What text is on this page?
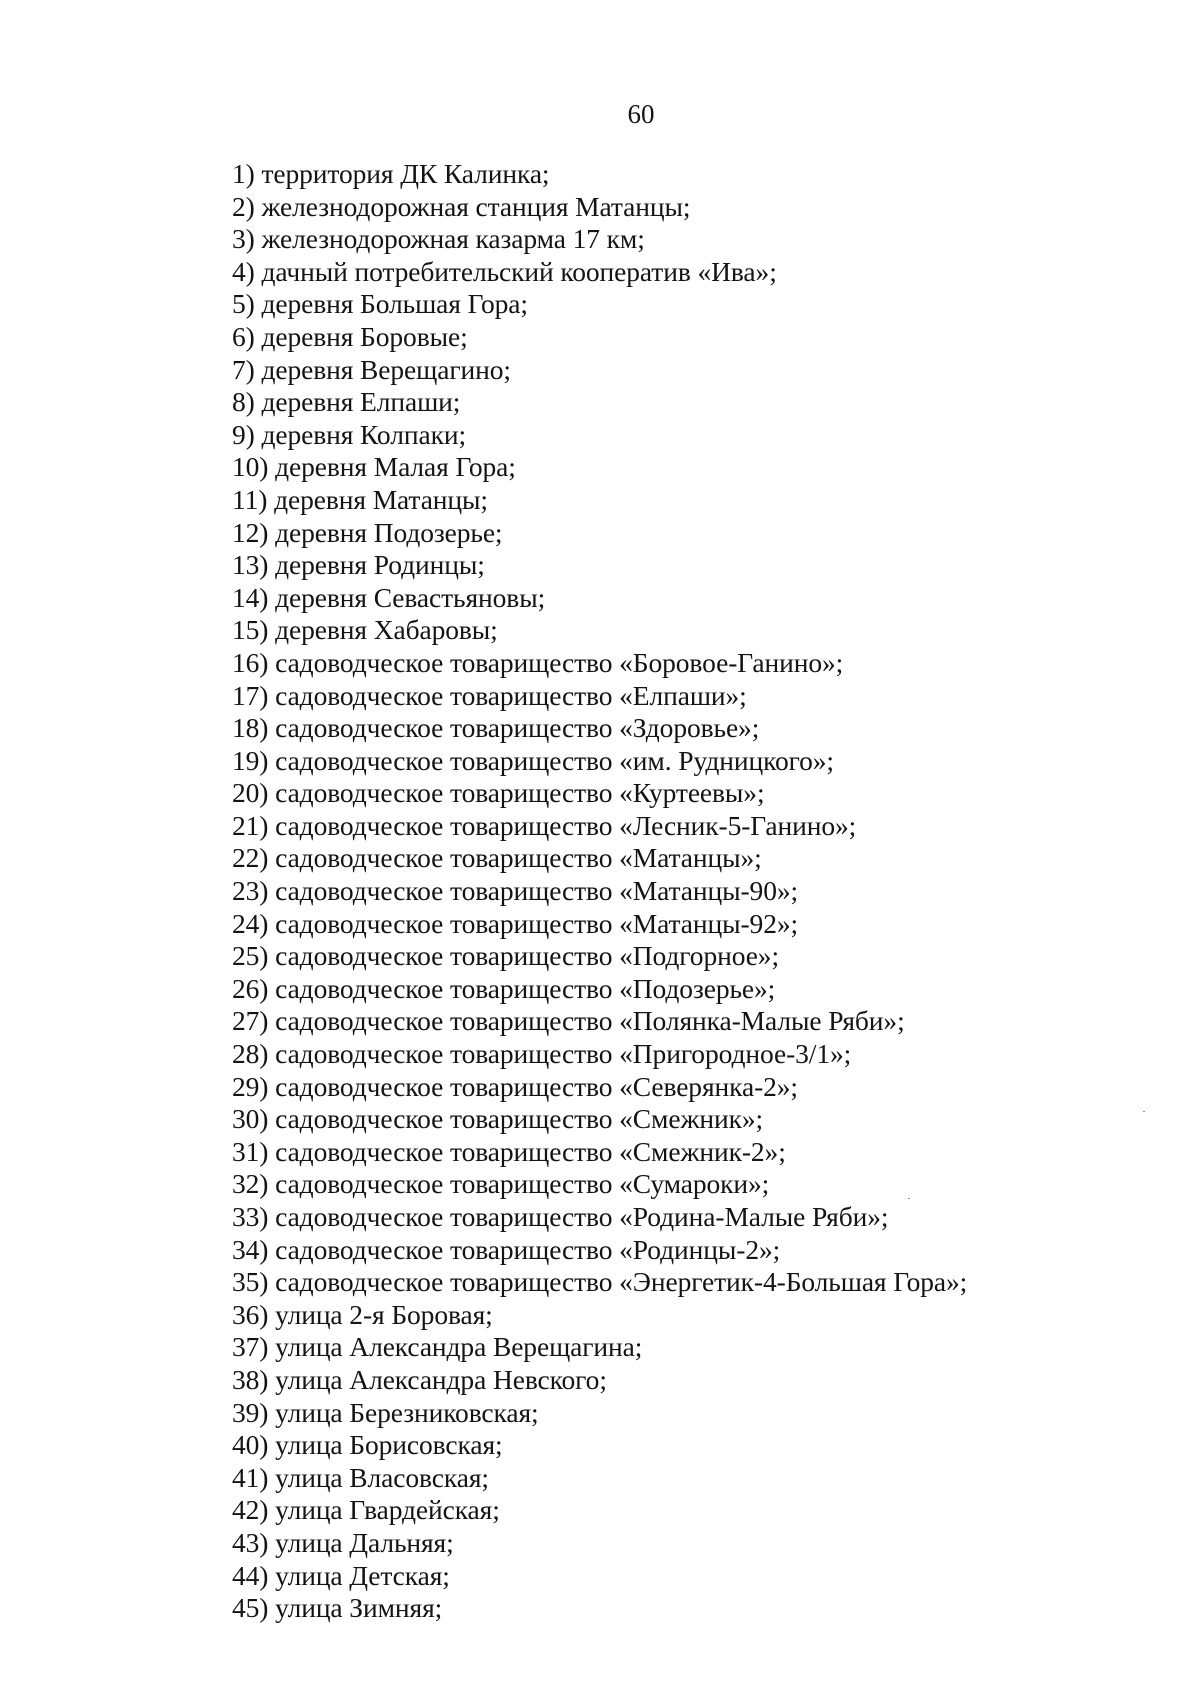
60
1) территория ДК Калинка;
2) железнодорожная станция Матанцы;
3) железнодорожная казарма 17 км;
4) дачный потребительский кооператив «Ива»;
5) деревня Большая Гора;
6) деревня Боровые;
7) деревня Верещагино;
8) деревня Елпаши;
9) деревня Колпаки;
10) деревня Малая Гора;
11) деревня Матанцы;
12) деревня Подозерье;
13) деревня Родинцы;
14) деревня Севастьяновы;
15) деревня Хабаровы;
16) садоводческое товарищество «Боровое-Ганино»;
17) садоводческое товарищество «Елпаши»;
18) садоводческое товарищество «Здоровье»;
19) садоводческое товарищество «им. Рудницкого»;
20) садоводческое товарищество «Куртеевы»;
21) садоводческое товарищество «Лесник-5-Ганино»;
22) садоводческое товарищество «Матанцы»;
23) садоводческое товарищество «Матанцы-90»;
24) садоводческое товарищество «Матанцы-92»;
25) садоводческое товарищество «Подгорное»;
26) садоводческое товарищество «Подозерье»;
27) садоводческое товарищество «Полянка-Малые Ряби»;
28) садоводческое товарищество «Пригородное-3/1»;
29) садоводческое товарищество «Северянка-2»;
30) садоводческое товарищество «Смежник»;
31) садоводческое товарищество «Смежник-2»;
32) садоводческое товарищество «Сумароки»;
33) садоводческое товарищество «Родина-Малые Ряби»;
34) садоводческое товарищество «Родинцы-2»;
35) садоводческое товарищество «Энергетик-4-Большая Гора»;
36) улица 2-я Боровая;
37) улица Александра Верещагина;
38) улица Александра Невского;
39) улица Березниковская;
40) улица Борисовская;
41) улица Власовская;
42) улица Гвардейская;
43) улица Дальняя;
44) улица Детская;
45) улица Зимняя;
